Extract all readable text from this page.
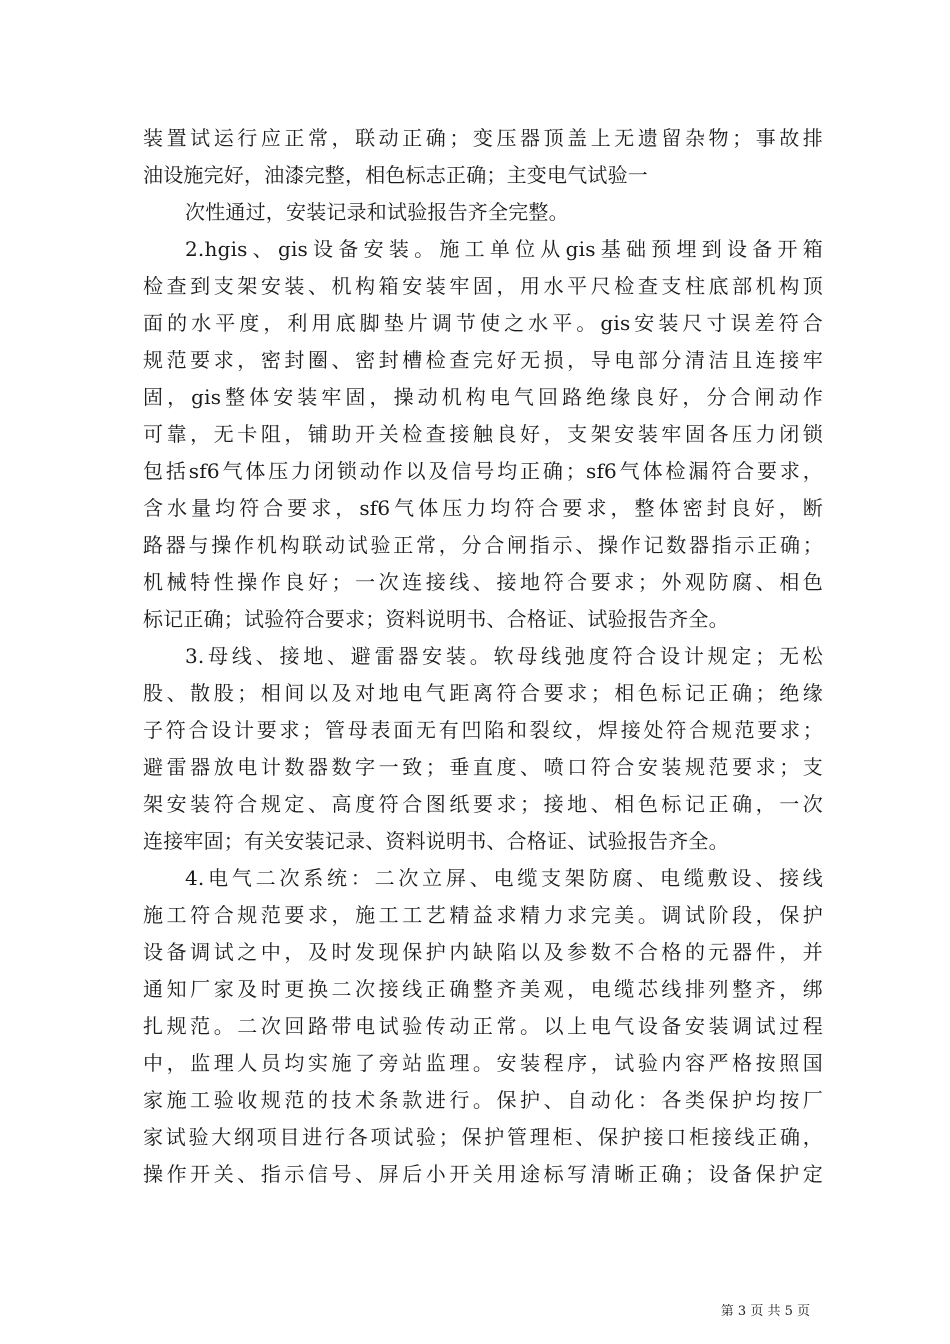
装置试运行应正常，联动正确；变压器顶盖上无遗留杂物；事故排
油设施完好，油漆完整，相色标志正确；主变电气试验一
次性通过，安装记录和试验报告齐全完整。
2.hgis、gis设备安装。施工单位从gis基础预埋到设备开箱
检查到支架安装、机构箱安装牢固，用水平尺检查支柱底部机构顶
面的水平度，利用底脚垫片调节使之水平。gis安装尺寸误差符合
规范要求，密封圈、密封槽检查完好无损，导电部分清洁且连接牢
固，gis整体安装牢固，操动机构电气回路绝缘良好，分合闸动作
可靠，无卡阻，铺助开关检查接触良好，支架安装牢固各压力闭锁
包括sf6气体压力闭锁动作以及信号均正确；sf6气体检漏符合要求，
含水量均符合要求，sf6气体压力均符合要求，整体密封良好，断
路器与操作机构联动试验正常，分合闸指示、操作记数器指示正确；
机械特性操作良好；一次连接线、接地符合要求；外观防腐、相色
标记正确；试验符合要求；资料说明书、合格证、试验报告齐全。
3.母线、接地、避雷器安装。软母线弛度符合设计规定；无松
股、散股；相间以及对地电气距离符合要求；相色标记正确；绝缘
子符合设计要求；管母表面无有凹陷和裂纹，焊接处符合规范要求；
避雷器放电计数器数字一致；垂直度、喷口符合安装规范要求；支
架安装符合规定、高度符合图纸要求；接地、相色标记正确，一次
连接牢固；有关安装记录、资料说明书、合格证、试验报告齐全。
4.电气二次系统：二次立屏、电缆支架防腐、电缆敷设、接线
施工符合规范要求，施工工艺精益求精力求完美。调试阶段，保护
设备调试之中，及时发现保护内缺陷以及参数不合格的元器件，并
通知厂家及时更换二次接线正确整齐美观，电缆芯线排列整齐，绑
扎规范。二次回路带电试验传动正常。以上电气设备安装调试过程
中，监理人员均实施了旁站监理。安装程序，试验内容严格按照国
家施工验收规范的技术条款进行。保护、自动化：各类保护均按厂
家试验大纲项目进行各项试验；保护管理柜、保护接口柜接线正确，
操作开关、指示信号、屏后小开关用途标写清晰正确；设备保护定
第 3 页 共 5 页
